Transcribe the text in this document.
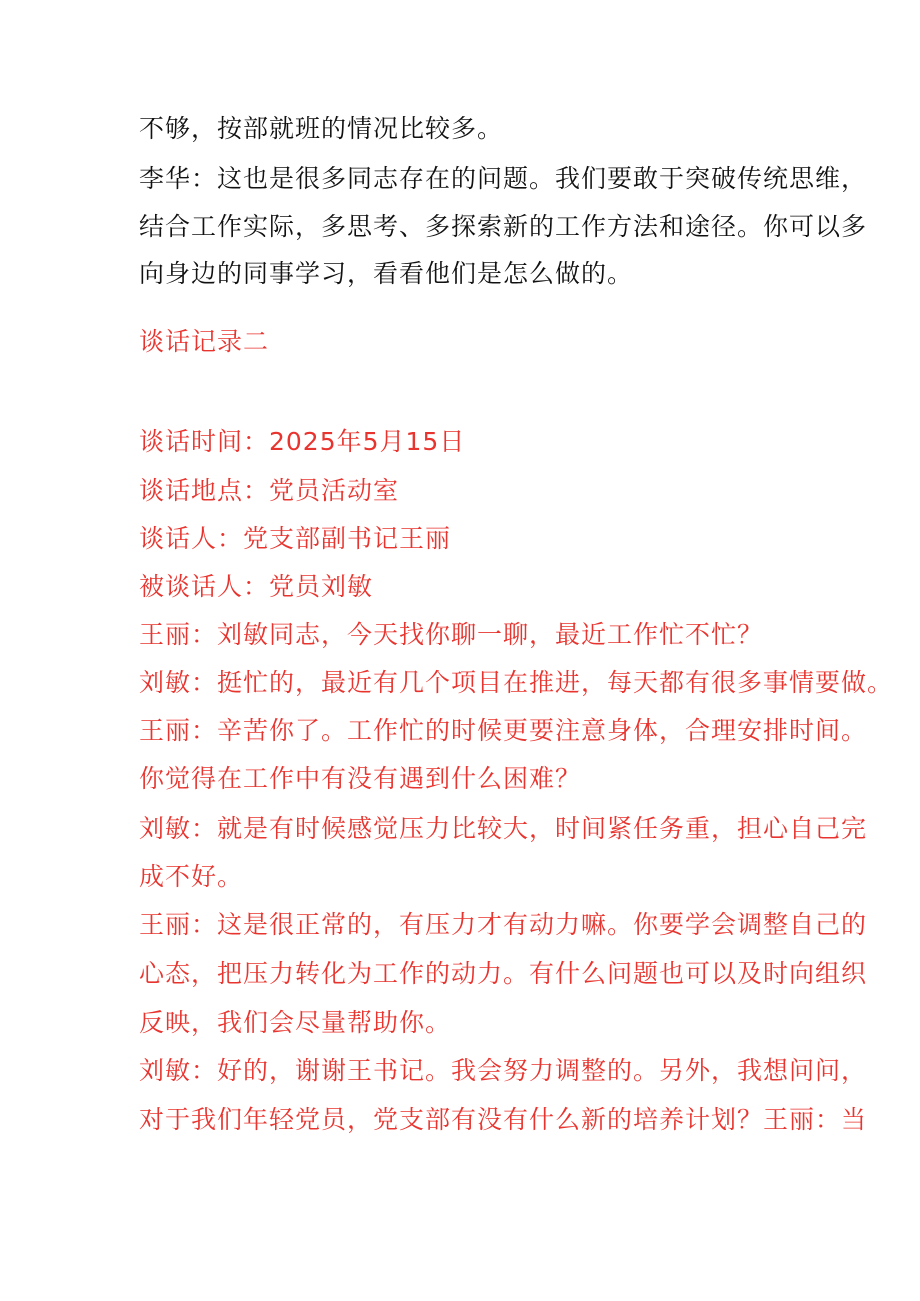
不够，按部就班的情况比较多。
李华：这也是很多同志存在的问题。我们要敢于突破传统思维，
结合工作实际，多思考、多探索新的工作方法和途径。你可以多
向身边的同事学习，看看他们是怎么做的。
谈话记录二
谈话时间：2025年5月15日
谈话地点：党员活动室
谈话人：党支部副书记王丽
被谈话人：党员刘敏
王丽：刘敏同志，今天找你聊一聊，最近工作忙不忙？
刘敏：挺忙的，最近有几个项目在推进，每天都有很多事情要做。
王丽：辛苦你了。工作忙的时候更要注意身体，合理安排时间。
你觉得在工作中有没有遇到什么困难？
刘敏：就是有时候感觉压力比较大，时间紧任务重，担心自己完
成不好。
王丽：这是很正常的，有压力才有动力嘛。你要学会调整自己的
心态，把压力转化为工作的动力。有什么问题也可以及时向组织
反映，我们会尽量帮助你。
刘敏：好的，谢谢王书记。我会努力调整的。另外，我想问问，
对于我们年轻党员，党支部有没有什么新的培养计划？王丽：当
